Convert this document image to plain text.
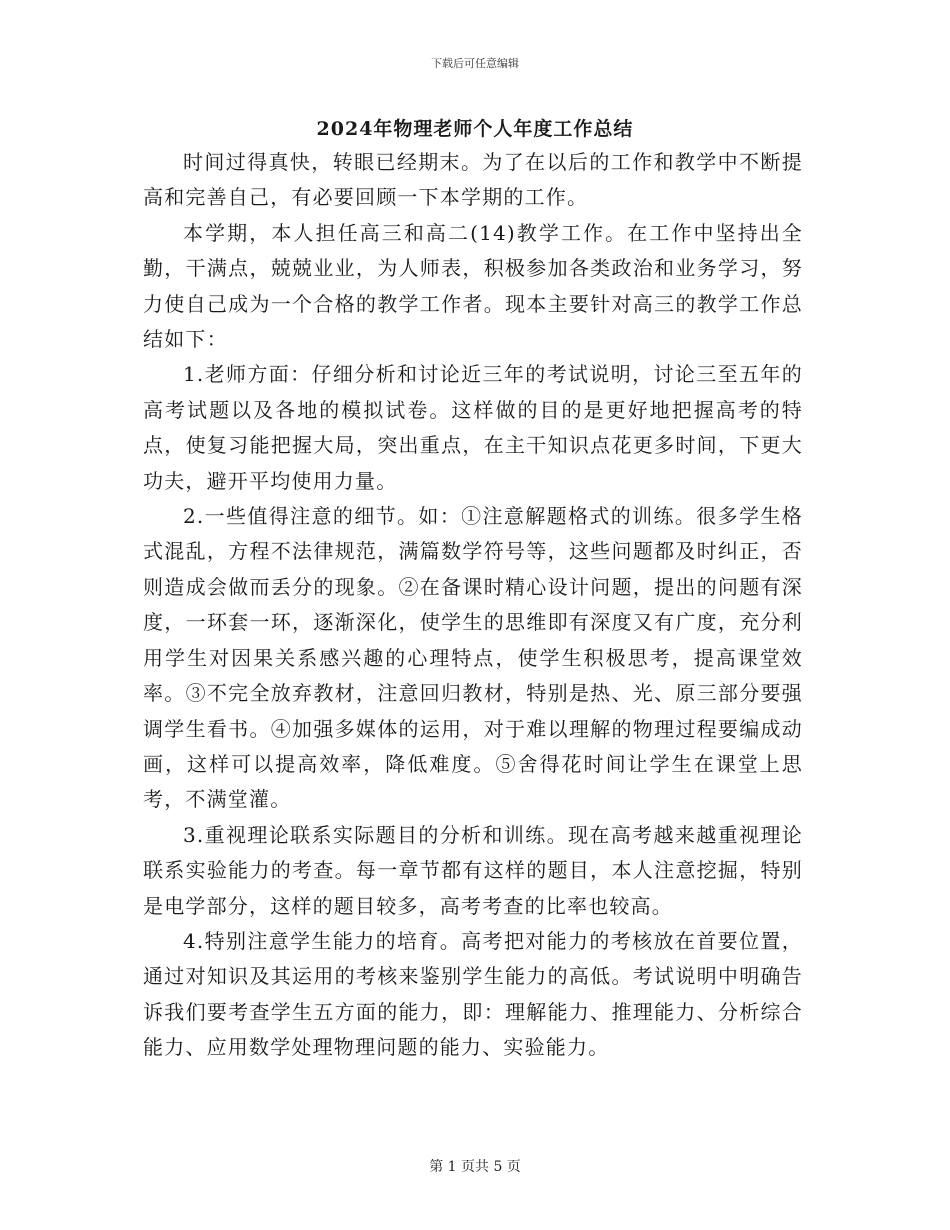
下载后可任意编辑
2024年物理老师个人年度工作总结

时间过得真快，转眼已经期末。为了在以后的工作和教学中不断提高和完善自己，有必要回顾一下本学期的工作。

本学期，本人担任高三和高二(14)教学工作。在工作中坚持出全勤，干满点，兢兢业业，为人师表，积极参加各类政治和业务学习，努力使自己成为一个合格的教学工作者。现本主要针对高三的教学工作总结如下：

1.老师方面：仔细分析和讨论近三年的考试说明，讨论三至五年的高考试题以及各地的模拟试卷。这样做的目的是更好地把握高考的特点，使复习能把握大局，突出重点，在主干知识点花更多时间，下更大功夫，避开平均使用力量。

2.一些值得注意的细节。如：①注意解题格式的训练。很多学生格式混乱，方程不法律规范，满篇数学符号等，这些问题都及时纠正，否则造成会做而丢分的现象。②在备课时精心设计问题，提出的问题有深度，一环套一环，逐渐深化，使学生的思维即有深度又有广度，充分利用学生对因果关系感兴趣的心理特点，使学生积极思考，提高课堂效率。③不完全放弃教材，注意回归教材，特别是热、光、原三部分要强调学生看书。④加强多媒体的运用，对于难以理解的物理过程要编成动画，这样可以提高效率，降低难度。⑤舍得花时间让学生在课堂上思考，不满堂灌。

3.重视理论联系实际题目的分析和训练。现在高考越来越重视理论联系实验能力的考查。每一章节都有这样的题目，本人注意挖掘，特别是电学部分，这样的题目较多，高考考查的比率也较高。

4.特别注意学生能力的培育。高考把对能力的考核放在首要位置，通过对知识及其运用的考核来鉴别学生能力的高低。考试说明中明确告诉我们要考查学生五方面的能力，即：理解能力、推理能力、分析综合能力、应用数学处理物理问题的能力、实验能力。

第 1 页共 5 页
